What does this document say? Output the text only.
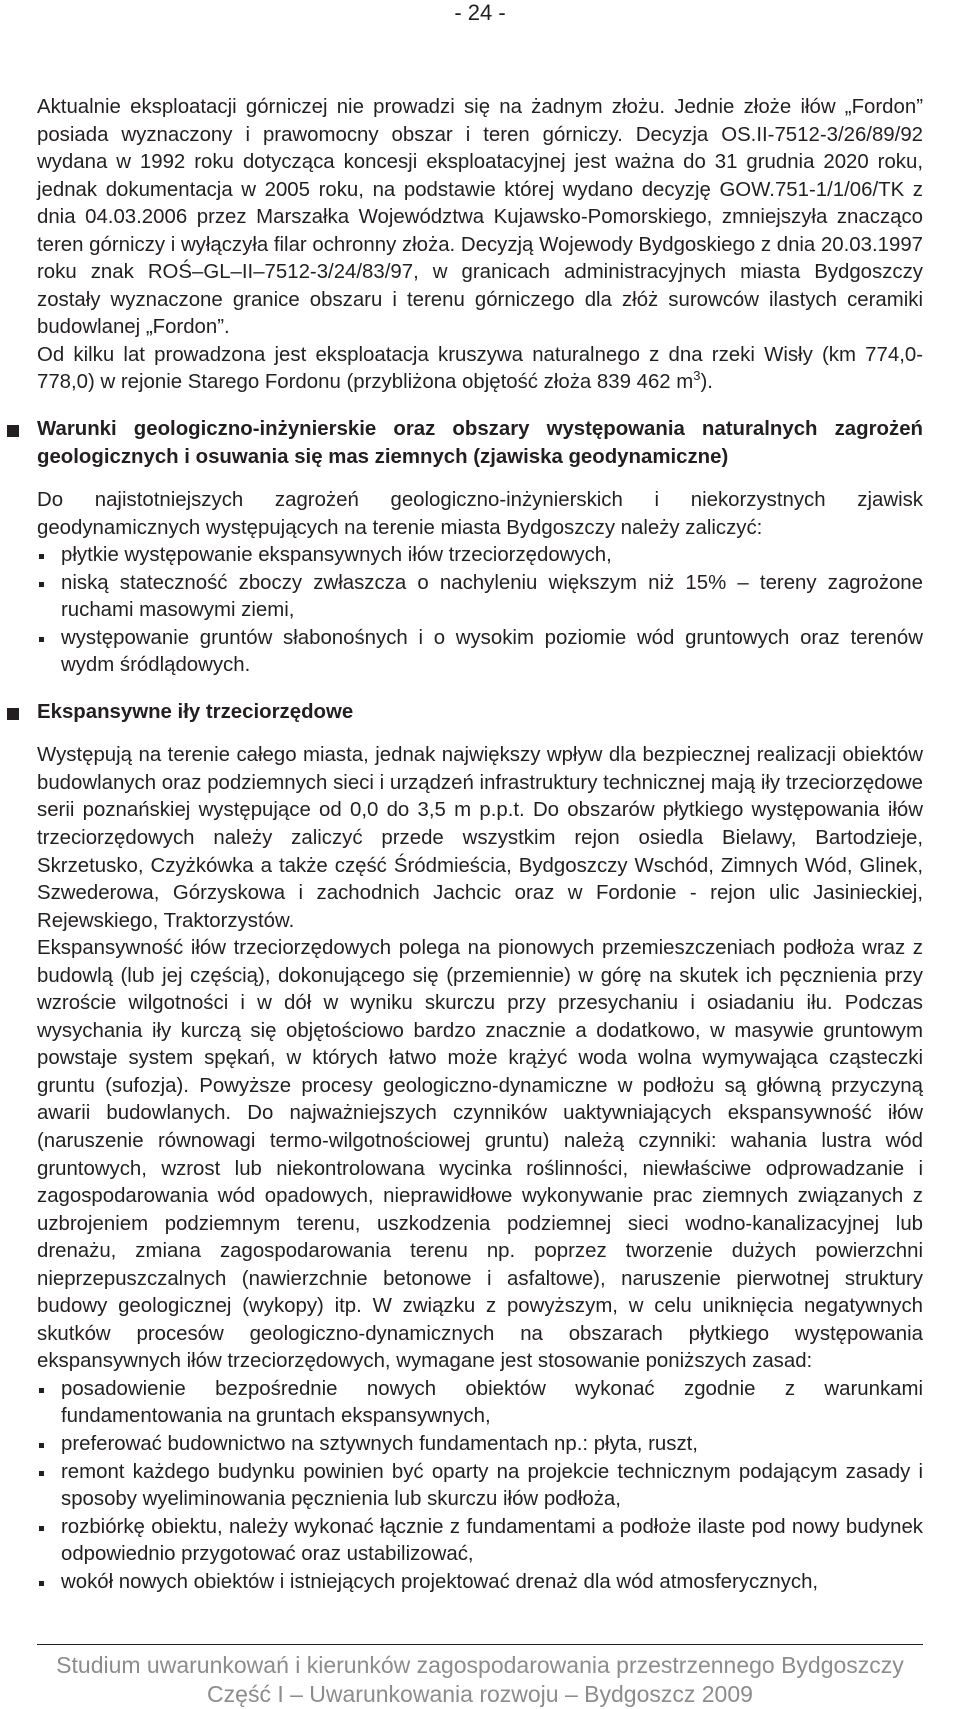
- 24 -

Aktualnie eksploatacji górniczej nie prowadzi się na żadnym złożu. Jednie złoże iłów „Fordon” posiada wyznaczony i prawomocny obszar i teren górniczy. Decyzja OS.II-7512-3/26/89/92 wydana w 1992 roku dotycząca koncesji eksploatacyjnej jest ważna do 31 grudnia 2020 roku, jednak dokumentacja w 2005 roku, na podstawie której wydano decyzję GOW.751-1/1/06/TK z dnia 04.03.2006 przez Marszałka Województwa Kujawsko-Pomorskiego, zmniejszyła znacząco teren górniczy i wyłączyła filar ochronny złoża. Decyzją Wojewody Bydgoskiego z dnia 20.03.1997 roku znak ROŚ–GL–II–7512-3/24/83/97, w granicach administracyjnych miasta Bydgoszczy zostały wyznaczone granice obszaru i terenu górniczego dla złóż surowców ilastych ceramiki budowlanej „Fordon”.

Od kilku lat prowadzona jest eksploatacja kruszywa naturalnego z dna rzeki Wisły (km 774,0-778,0) w rejonie Starego Fordonu (przybliżona objętość złoża 839 462 $m^3$).

Warunki geologiczno-inżynierskie oraz obszary występowania naturalnych zagrożeń geologicznych i osuwania się mas ziemnych (zjawiska geodynamiczne)

Do najistotniejszych zagrożeń geologiczno-inżynierskich i niekorzystnych zjawisk geodynamicznych występujących na terenie miasta Bydgoszczy należy zaliczyć:

płytkie występowanie ekspansywnych iłów trzeciorzędowych,
niską stateczność zboczy zwłaszcza o nachyleniu większym niż 15% – tereny zagrożone ruchami masowymi ziemi,
występowanie gruntów słabonośnych i o wysokim poziomie wód gruntowych oraz terenów wydm śródlądowych.
Ekspansywne iły trzeciorzędowe

Występują na terenie całego miasta, jednak największy wpływ dla bezpiecznej realizacji obiektów budowlanych oraz podziemnych sieci i urządzeń infrastruktury technicznej mają iły trzeciorzędowe serii poznańskiej występujące od 0,0 do 3,5 m p.p.t. Do obszarów płytkiego występowania iłów trzeciorzędowych należy zaliczyć przede wszystkim rejon osiedla Bielawy, Bartodzieje, Skrzetusko, Czyżkówka a także część Śródmieścia, Bydgoszczy Wschód, Zimnych Wód, Glinek, Szwederowa, Górzyskowa i zachodnich Jachcic oraz w Fordonie - rejon ulic Jasinieckiej, Rejewskiego, Traktorzystów.

Ekspansywność iłów trzeciorzędowych polega na pionowych przemieszczeniach podłoża wraz z budowlą (lub jej częścią), dokonującego się (przemiennie) w górę na skutek ich pęcznienia przy wzroście wilgotności i w dół w wyniku skurczu przy przesychaniu i osiadaniu iłu. Podczas wysychania iły kurczą się objętościowo bardzo znacznie a dodatkowo, w masywie gruntowym powstaje system spękań, w których łatwo może krążyć woda wolna wymywająca cząsteczki gruntu (sufozja). Powyższe procesy geologiczno-dynamiczne w podłożu są główną przyczyną awarii budowlanych. Do najważniejszych czynników uaktywniających ekspansywność iłów (naruszenie równowagi termo-wilgotnościowej gruntu) należą czynniki: wahania lustra wód gruntowych, wzrost lub niekontrolowana wycinka roślinności, niewłaściwe odprowadzanie i zagospodarowania wód opadowych, nieprawidłowe wykonywanie prac ziemnych związanych z uzbrojeniem podziemnym terenu, uszkodzenia podziemnej sieci wodno-kanalizacyjnej lub drenażu, zmiana zagospodarowania terenu np. poprzez tworzenie dużych powierzchni nieprzepuszczalnych (nawierzchnie betonowe i asfaltowe), naruszenie pierwotnej struktury budowy geologicznej (wykopy) itp. W związku z powyższym, w celu uniknięcia negatywnych skutków procesów geologiczno-dynamicznych na obszarach płytkiego występowania ekspansywnych iłów trzeciorzędowych, wymagane jest stosowanie poniższych zasad:

posadowienie bezpośrednie nowych obiektów wykonać zgodnie z warunkami fundamentowania na gruntach ekspansywnych,
preferować budownictwo na sztywnych fundamentach np.: płyta, ruszt,
remont każdego budynku powinien być oparty na projekcie technicznym podającym zasady i sposoby wyeliminowania pęcznienia lub skurczu iłów podłoża,
rozbiórkę obiektu, należy wykonać łącznie z fundamentami a podłoże ilaste pod nowy budynek odpowiednio przygotować oraz ustabilizować,
wokół nowych obiektów i istniejących projektować drenaż dla wód atmosferycznych,
Studium uwarunkowań i kierunków zagospodarowania przestrzennego Bydgoszczy
Część I – Uwarunkowania rozwoju – Bydgoszcz 2009
